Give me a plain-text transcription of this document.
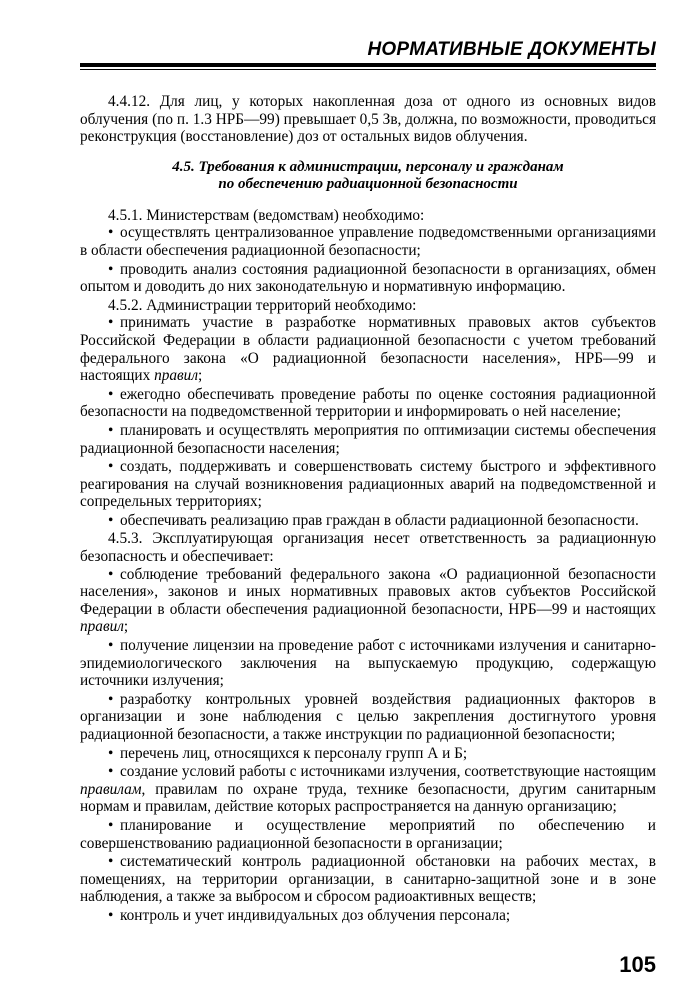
НОРМАТИВНЫЕ ДОКУМЕНТЫ

4.4.12. Для лиц, у которых накопленная доза от одного из основных видов облучения (по п. 1.3 НРБ—99) превышает 0,5 Зв, должна, по возможности, проводиться реконструкция (восстановление) доз от остальных видов облучения.

4.5. Требования к администрации, персоналу и гражданам
по обеспечению радиационной безопасности

4.5.1. Министерствам (ведомствам) необходимо:

• осуществлять централизованное управление подведомственными организациями в области обеспечения радиационной безопасности;

• проводить анализ состояния радиационной безопасности в организациях, обмен опытом и доводить до них законодательную и нормативную информацию.

4.5.2. Администрации территорий необходимо:

• принимать участие в разработке нормативных правовых актов субъектов Российской Федерации в области радиационной безопасности с учетом требований федерального закона «О радиационной безопасности населения», НРБ—99 и настоящих правил;

• ежегодно обеспечивать проведение работы по оценке состояния радиационной безопасности на подведомственной территории и информировать о ней население;

• планировать и осуществлять мероприятия по оптимизации системы обеспечения радиационной безопасности населения;

• создать, поддерживать и совершенствовать систему быстрого и эффективного реагирования на случай возникновения радиационных аварий на подведомственной и сопредельных территориях;

• обеспечивать реализацию прав граждан в области радиационной безопасности.

4.5.3. Эксплуатирующая организация несет ответственность за радиационную безопасность и обеспечивает:

• соблюдение требований федерального закона «О радиационной безопасности населения», законов и иных нормативных правовых актов субъектов Российской Федерации в области обеспечения радиационной безопасности, НРБ—99 и настоящих правил;

• получение лицензии на проведение работ с источниками излучения и санитарно-эпидемиологического заключения на выпускаемую продукцию, содержащую источники излучения;

• разработку контрольных уровней воздействия радиационных факторов в организации и зоне наблюдения с целью закрепления достигнутого уровня радиационной безопасности, а также инструкции по радиационной безопасности;

• перечень лиц, относящихся к персоналу групп А и Б;

• создание условий работы с источниками излучения, соответствующие настоящим правилам, правилам по охране труда, технике безопасности, другим санитарным нормам и правилам, действие которых распространяется на данную организацию;

• планирование и осуществление мероприятий по обеспечению и совершенствованию радиационной безопасности в организации;

• систематический контроль радиационной обстановки на рабочих местах, в помещениях, на территории организации, в санитарно-защитной зоне и в зоне наблюдения, а также за выбросом и сбросом радиоактивных веществ;

• контроль и учет индивидуальных доз облучения персонала;

105
